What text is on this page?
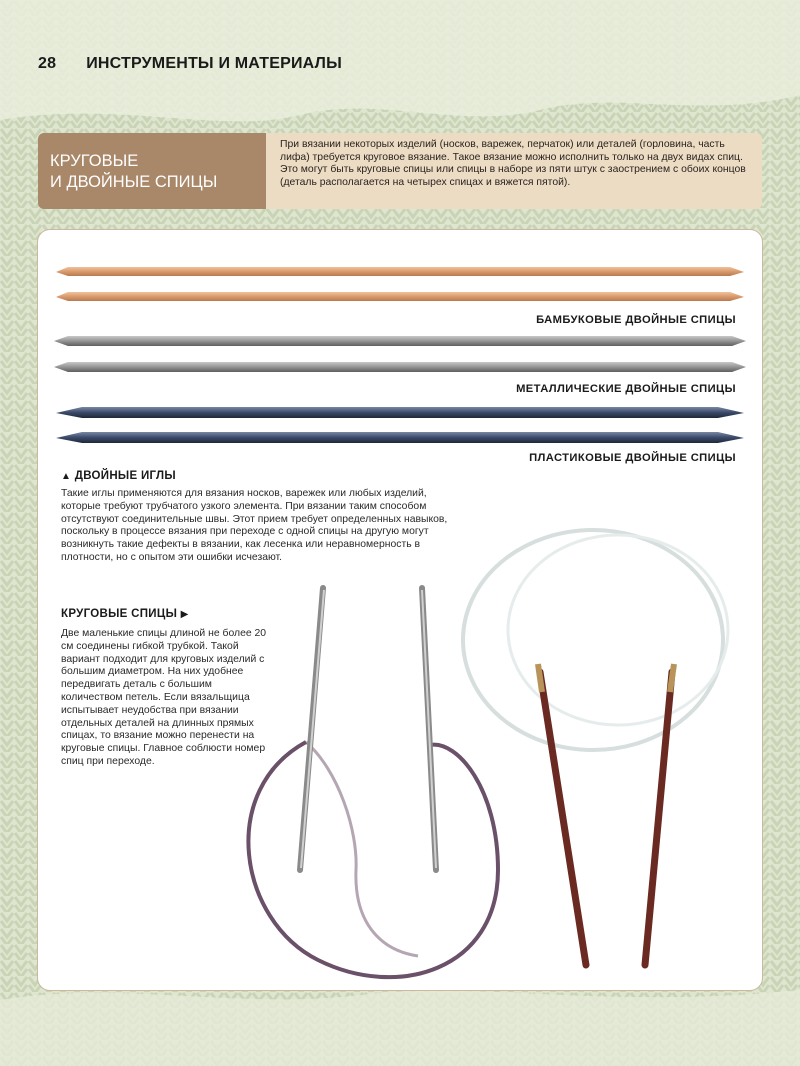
28 ИНСТРУМЕНТЫ И МАТЕРИАЛЫ
КРУГОВЫЕ
И ДВОЙНЫЕ СПИЦЫ
При вязании некоторых изделий (носков, варежек, перчаток) или деталей (горловина, часть лифа) требуется круговое вязание. Такое вязание можно исполнить только на двух видах спиц. Это могут быть круговые спицы или спицы в наборе из пяти штук с заострением с обоих концов (деталь располагается на четырех спицах и вяжется пятой).
БАМБУКОВЫЕ ДВОЙНЫЕ СПИЦЫ
МЕТАЛЛИЧЕСКИЕ ДВОЙНЫЕ СПИЦЫ
ПЛАСТИКОВЫЕ ДВОЙНЫЕ СПИЦЫ
▲ ДВОЙНЫЕ ИГЛЫ
Такие иглы применяются для вязания носков, варежек или любых изделий, которые требуют трубчатого узкого элемента. При вязании таким способом отсутствуют соединительные швы. Этот прием требует определенных навыков, поскольку в процессе вязания при переходе с одной спицы на другую могут возникнуть такие дефекты в вязании, как лесенка или неравномерность в плотности, но с опытом эти ошибки исчезают.
КРУГОВЫЕ СПИЦЫ ▶
Две маленькие спицы длиной не более 20 см соединены гибкой трубкой. Такой вариант подходит для круговых изделий с большим диаметром. На них удобнее передвигать деталь с большим количеством петель. Если вязальщица испытывает неудобства при вязании отдельных деталей на длинных прямых спицах, то вязание можно перенести на круговые спицы. Главное соблюсти номер спиц при переходе.
